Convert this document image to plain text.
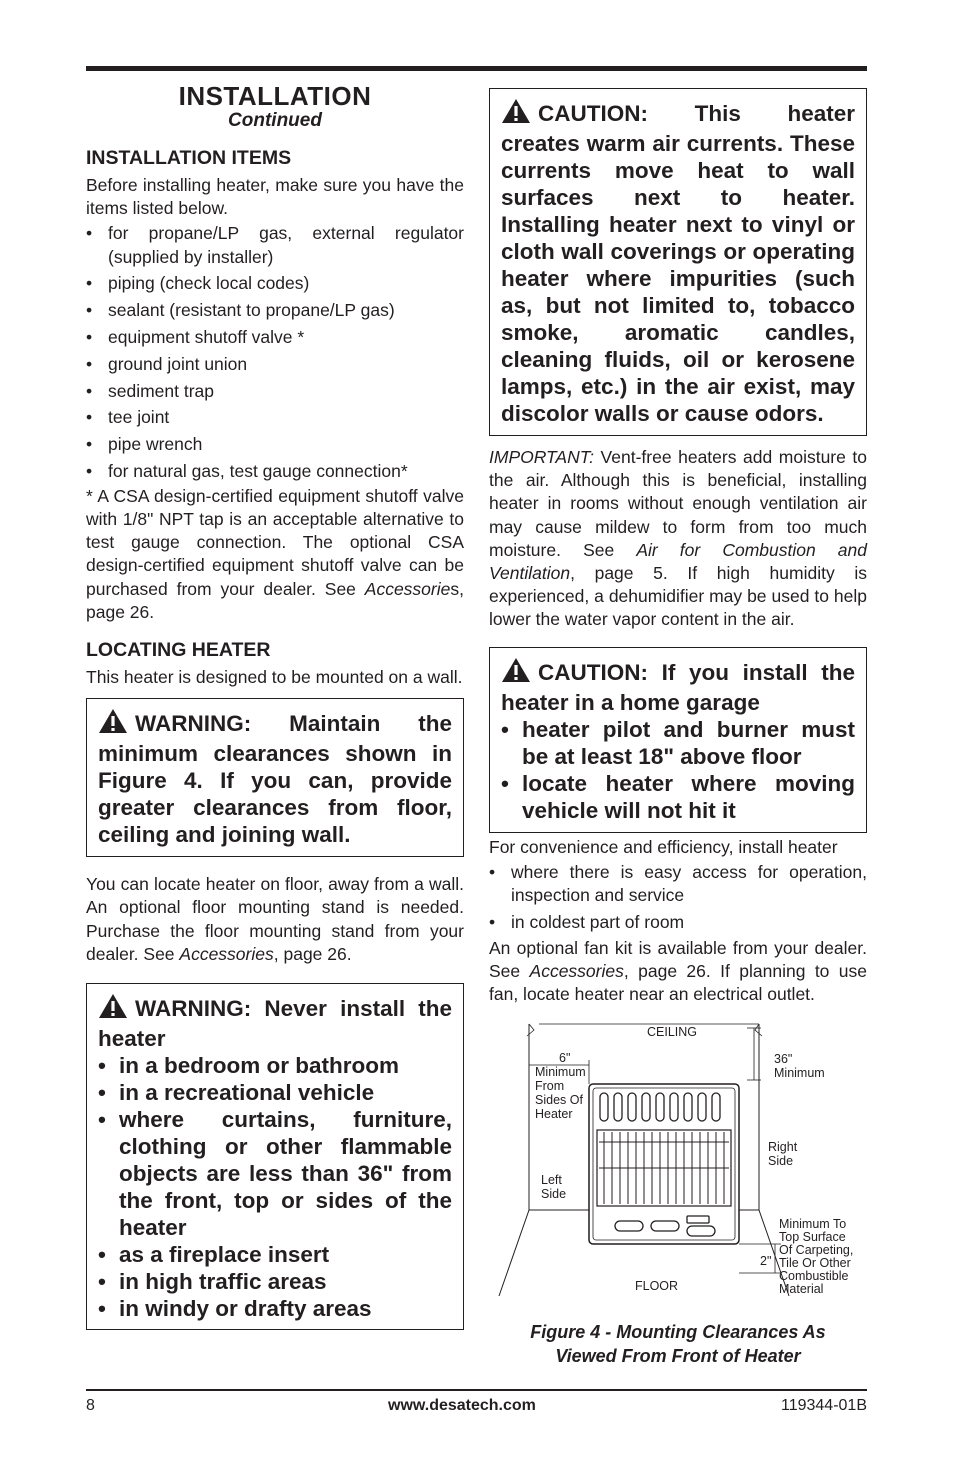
INSTALLATION
Continued
INSTALLATION ITEMS

Before installing heater, make sure you have the items listed below.

• for propane/LP gas, external regulator (supplied by installer)
• piping (check local codes)
• sealant (resistant to propane/LP gas)
• equipment shutoff valve *
• ground joint union
• sediment trap
• tee joint
• pipe wrench
• for natural gas, test gauge connection*

* A CSA design-certified equipment shutoff valve with 1/8" NPT tap is an acceptable alternative to test gauge connection. The optional CSA design-certified equipment shutoff valve can be purchased from your dealer. See Accessories, page 26.

LOCATING HEATER

This heater is designed to be mounted on a wall.

WARNING: Maintain the minimum clearances shown in Figure 4. If you can, provide greater clearances from floor, ceiling and joining wall.

You can locate heater on floor, away from a wall. An optional floor mounting stand is needed. Purchase the floor mounting stand from your dealer. See Accessories, page 26.

WARNING: Never install the heater
• in a bedroom or bathroom
• in a recreational vehicle
• where curtains, furniture, clothing or other flammable objects are less than 36" from the front, top or sides of the heater
• as a fireplace insert
• in high traffic areas
• in windy or drafty areas
CAUTION: This heater creates warm air currents. These currents move heat to wall surfaces next to heater. Installing heater next to vinyl or cloth wall coverings or operating heater where impurities (such as, but not limited to, tobacco smoke, aromatic candles, cleaning fluids, oil or kerosene lamps, etc.) in the air exist, may discolor walls or cause odors.

IMPORTANT: Vent-free heaters add moisture to the air. Although this is beneficial, installing heater in rooms without enough ventilation air may cause mildew to form from too much moisture. See Air for Combustion and Ventilation, page 5. If high humidity is experienced, a dehumidifier may be used to help lower the water vapor content in the air.

CAUTION: If you install the heater in a home garage
• heater pilot and burner must be at least 18" above floor
• locate heater where moving vehicle will not hit it

For convenience and efficiency, install heater

• where there is easy access for operation, inspection and service
• in coldest part of room

An optional fan kit is available from your dealer. See Accessories, page 26. If planning to use fan, locate heater near an electrical outlet.

CEILING
FLOOR
6"
Minimum
From
Sides Of
Heater
36"
Minimum
Right
Side
Left
Side
2"
Minimum To
Top Surface
Of Carpeting,
Tile Or Other
Combustible
Material
Figure 4 - Mounting Clearances As
Viewed From Front of Heater
8	www.desatech.com	119344-01B
